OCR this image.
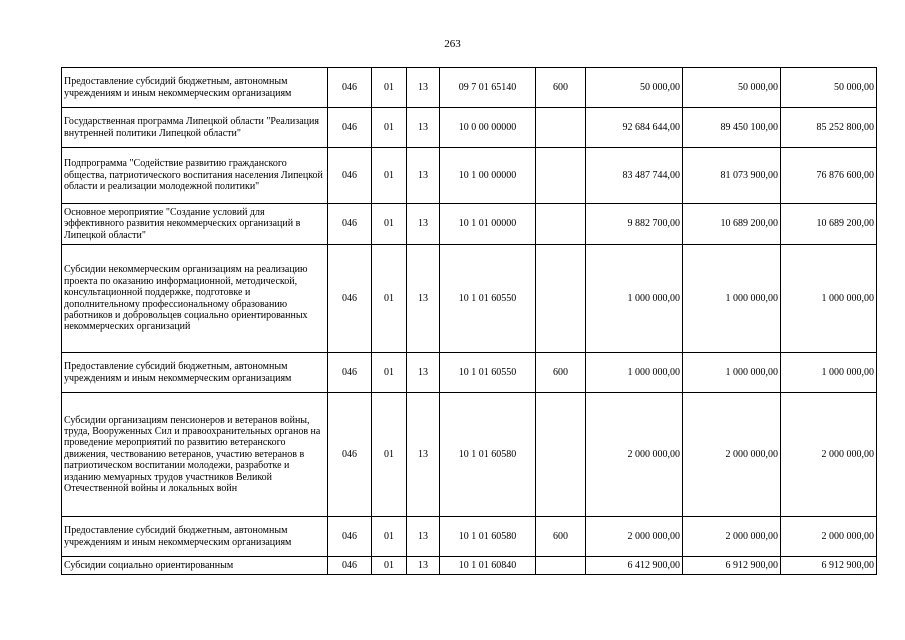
263
Предоставление субсидий бюджетным, автономным учреждениям и иным некоммерческим организациям	046	01	13	09 7 01 65140	600	50 000,00	50 000,00	50 000,00
Государственная программа Липецкой области "Реализация внутренней политики Липецкой области"	046	01	13	10 0 00 00000		92 684 644,00	89 450 100,00	85 252 800,00
Подпрограмма "Содействие развитию гражданского общества, патриотического воспитания населения Липецкой области и реализации молодежной политики"	046	01	13	10 1 00 00000		83 487 744,00	81 073 900,00	76 876 600,00
Основное мероприятие "Создание условий для эффективного развития некоммерческих организаций в Липецкой области"	046	01	13	10 1 01 00000		9 882 700,00	10 689 200,00	10 689 200,00
Субсидии некоммерческим организациям на реализацию проекта по оказанию информационной, методической, консультационной поддержке, подготовке и дополнительному профессиональному образованию работников и добровольцев социально ориентированных некоммерческих организаций	046	01	13	10 1 01 60550		1 000 000,00	1 000 000,00	1 000 000,00
Предоставление субсидий бюджетным, автономным учреждениям и иным некоммерческим организациям	046	01	13	10 1 01 60550	600	1 000 000,00	1 000 000,00	1 000 000,00
Субсидии организациям пенсионеров и ветеранов войны, труда, Вооруженных Сил и правоохранительных органов на проведение мероприятий по развитию ветеранского движения, чествованию ветеранов, участию ветеранов в патриотическом воспитании молодежи, разработке и изданию мемуарных трудов участников Великой Отечественной войны и локальных войн	046	01	13	10 1 01 60580		2 000 000,00	2 000 000,00	2 000 000,00
Предоставление субсидий бюджетным, автономным учреждениям и иным некоммерческим организациям	046	01	13	10 1 01 60580	600	2 000 000,00	2 000 000,00	2 000 000,00
Субсидии социально ориентированным	046	01	13	10 1 01 60840		6 412 900,00	6 912 900,00	6 912 900,00
